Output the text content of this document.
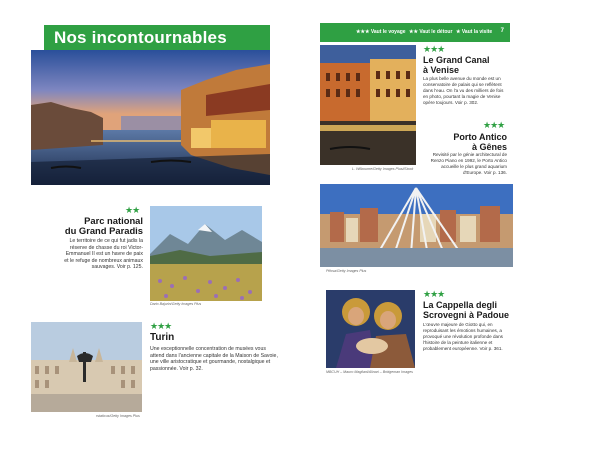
Nos incontournables
★★
Parc national
du Grand Paradis
Le territoire de ce qui fut jadis la réserve de chasse du roi Victor-Emmanuel II est un havre de paix et le refuge de nombreux animaux sauvages. Voir p. 125.
Dario Bajurin/Getty Images Plus
rstaticus/Getty Images Plus
★★★
Turin
Une exceptionnelle concentration de musées vous attend dans l'ancienne capitale de la Maison de Savoie, une ville aristocratique et gourmande, nostalgique et passionnée. Voir p. 32.
★★★ Vaut le voyage ★★ Vaut le détour ★ Vaut la visite 7
L. Wilbourne/Getty Images Plus/iStock
★★★
Le Grand Canal
à Venise
La plus belle avenue du monde est un conservatoire de palais qui se reflètent dans l'eau. On l'a vu des milliers de fois en photo, pourtant la magie de Venise opère toujours. Voir p. 302.
★★★
Porto Antico
à Gênes
Revisité par le génie architectural de Renzo Piano en 1992, le Porto Antico accueille le plus grand aquarium d'Europe. Voir p. 136.
Pifosa/Getty Images Plus
MBCUH – Mauro Magliani/Alinari – Bridgeman Images
★★★
La Cappella degli
Scrovegni à Padoue
L'œuvre majeure de Giotto qui, en reproduisant les émotions humaines, a provoqué une révolution profonde dans l'histoire de la peinture italienne et probablement européenne. Voir p. 361.
